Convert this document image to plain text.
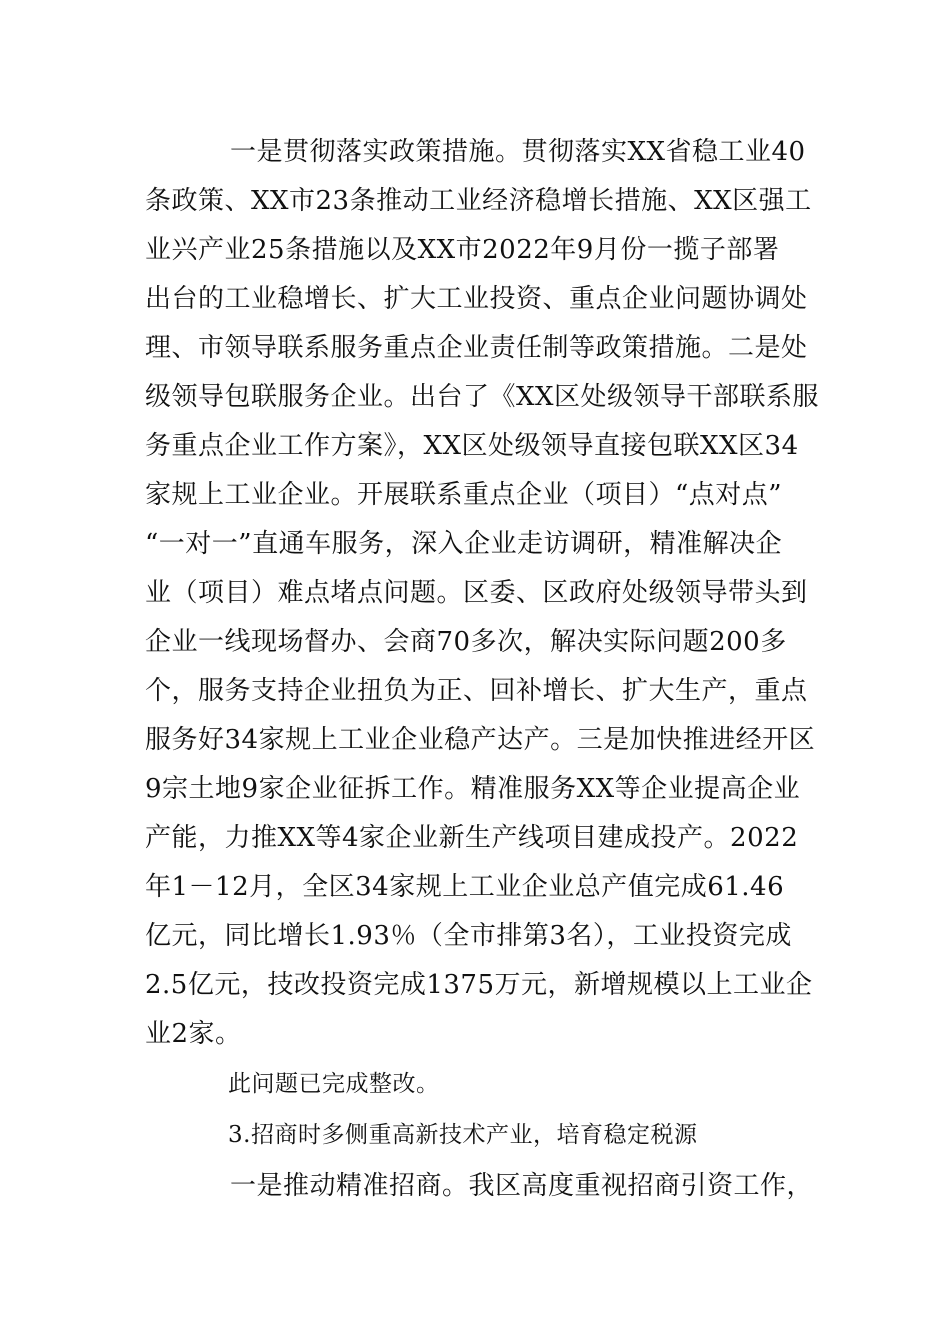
一是贯彻落实政策措施。贯彻落实XX省稳工业40
条政策、XX市23条推动工业经济稳增长措施、XX区强工
业兴产业25条措施以及XX市2022年9月份一揽子部署
出台的工业稳增长、扩大工业投资、重点企业问题协调处
理、市领导联系服务重点企业责任制等政策措施。二是处
级领导包联服务企业。出台了《XX区处级领导干部联系服
务重点企业工作方案》，XX区处级领导直接包联XX区34
家规上工业企业。开展联系重点企业（项目）“点对点”
“一对一”直通车服务，深入企业走访调研，精准解决企
业（项目）难点堵点问题。区委、区政府处级领导带头到
企业一线现场督办、会商70多次，解决实际问题200多
个，服务支持企业扭负为正、回补增长、扩大生产，重点
服务好34家规上工业企业稳产达产。三是加快推进经开区
9宗土地9家企业征拆工作。精准服务XX等企业提高企业
产能，力推XX等4家企业新生产线项目建成投产。2022
年1－12月，全区34家规上工业企业总产值完成61.46
亿元，同比增长1.93％（全市排第3名），工业投资完成
2.5亿元，技改投资完成1375万元，新增规模以上工业企
业2家。
此问题已完成整改。
3.招商时多侧重高新技术产业，培育稳定税源
一是推动精准招商。我区高度重视招商引资工作，
